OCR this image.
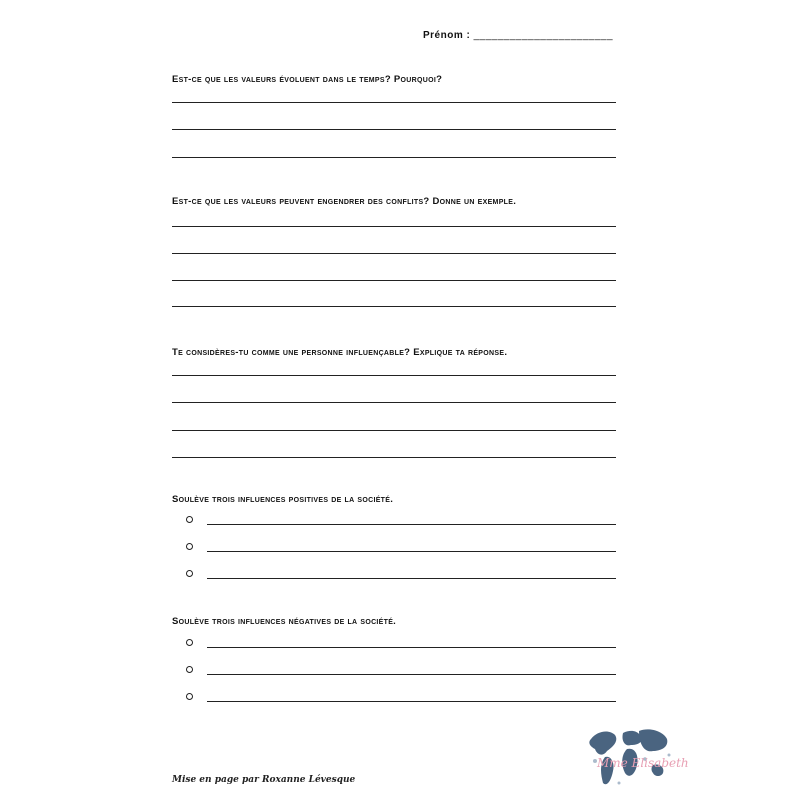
Prénom : _______________________
Est-ce que les valeurs évoluent dans le temps? Pourquoi?
Est-ce que les valeurs peuvent engendrer des conflits? Donne un exemple.
Te considères-tu comme une personne influençable? Explique ta réponse.
Soulève trois influences positives de la société.
Soulève trois influences négatives de la société.
Mise en page par Roxanne Lévesque
Mme Elisabeth
